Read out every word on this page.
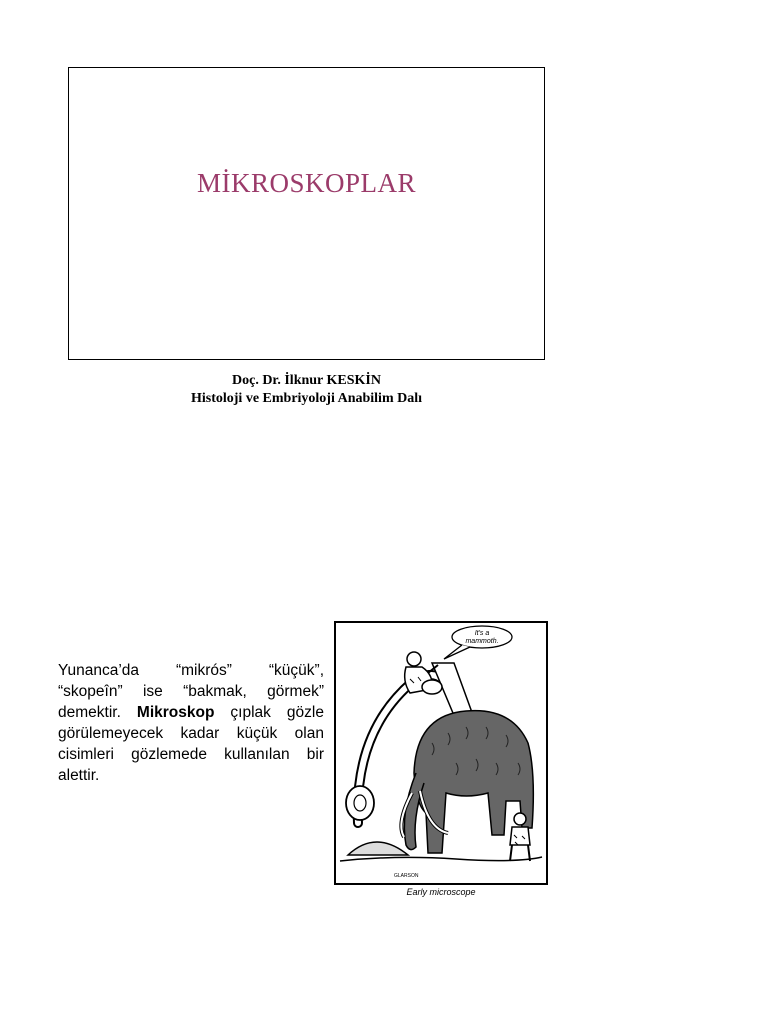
MİKROSKOPLAR
Doç. Dr. İlknur KESKİN
Histoloji ve Embriyoloji Anabilim Dalı
Yunanca’da “mikrós” “küçük”, “skopeîn” ise “bakmak, görmek” demektir. Mikroskop çıplak gözle görülemeyecek kadar küçük olan cisimleri gözlemede kullanılan bir alettir.
It's a
mammoth.
GLARSON
Early microscope
